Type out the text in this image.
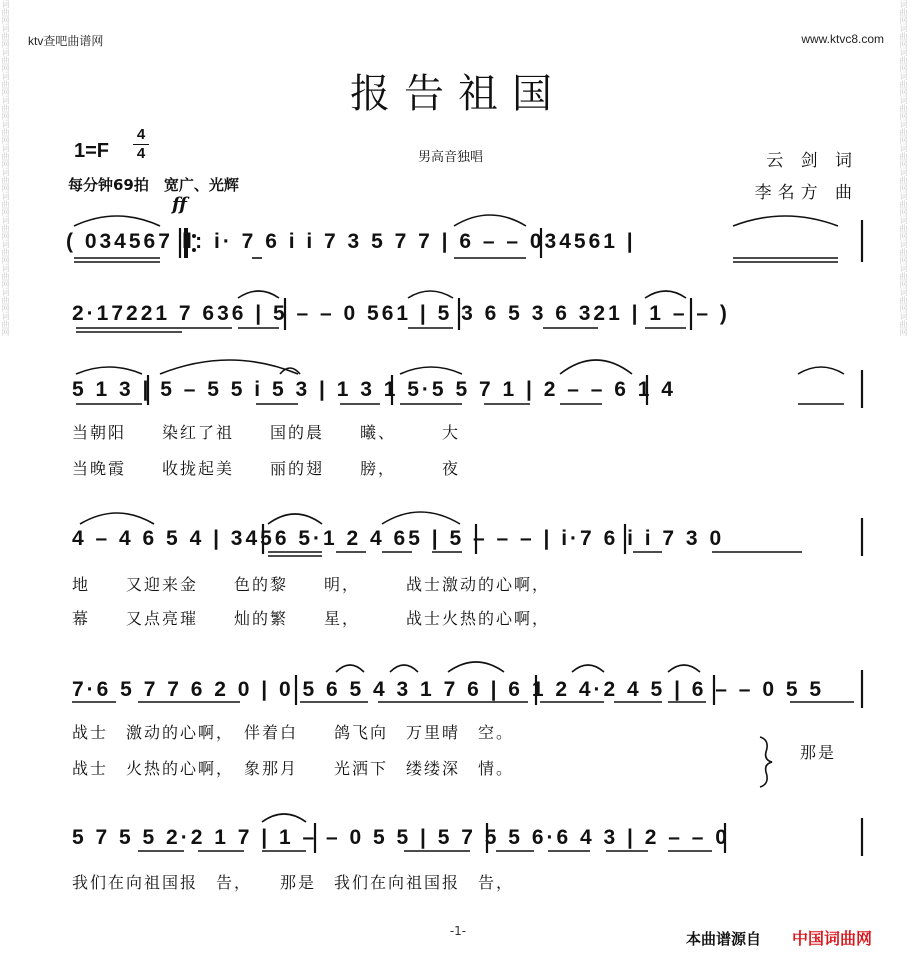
词曲网词曲网词曲网词曲网词曲网词曲网词曲网词曲网词曲网词曲网词曲网词曲网词曲网词曲网	词曲网词曲网词曲网词曲网词曲网词曲网词曲网词曲网词曲网词曲网词曲网词曲网词曲网词曲网
ktv查吧曲谱网	www.ktvc8.com
报告祖国
1=F
4
4	男高音独唱
每分钟69拍　宽广、光辉
云 剑 词
李名方 曲
ff
( 034567 ‖: i· 7 6 i i 7 3 5 7 7 | 6 – – 034561 |
2·17221 7 636 | 5 – – 0 561 | 5 3 6 5 3 6 321 | 1 – – )
5 1 3 | 5 – 5 5 i 5 3 | 1 3 1 5·5 5 7 1 | 2 – – 6 1 4
当朝阳　　染红了祖　　国的晨　　曦、　　　大
当晚霞　　收拢起美　　丽的翅　　膀，　　　夜
4 – 4 6 5 4 | 3456 5·1 2 4 65 | 5 – – – | i·7 6 i i 7 3 0
地　　又迎来金　　色的黎　　明，　　　战士激动的心啊，
幕　　又点亮璀　　灿的繁　　星，　　　战士火热的心啊，
7·6 5 7 7 6 2 0 | 0 5 6 5 4 3 1 7 6 | 6 1 2 4·2 4 5 | 6 – – 0 5 5
战士　激动的心啊，　伴着白　　鸽飞向　万里晴　空。
战士　火热的心啊，　象那月　　光洒下　缕缕深　情。
那是
5 7 5 5 2·2 1 7 | 1 – – 0 5 5 | 5 7 5 5 6·6 4 3 | 2 – – 0
我们在向祖国报　告，　　那是　我们在向祖国报　告，
-1-	本曲谱源自 中国词曲网
